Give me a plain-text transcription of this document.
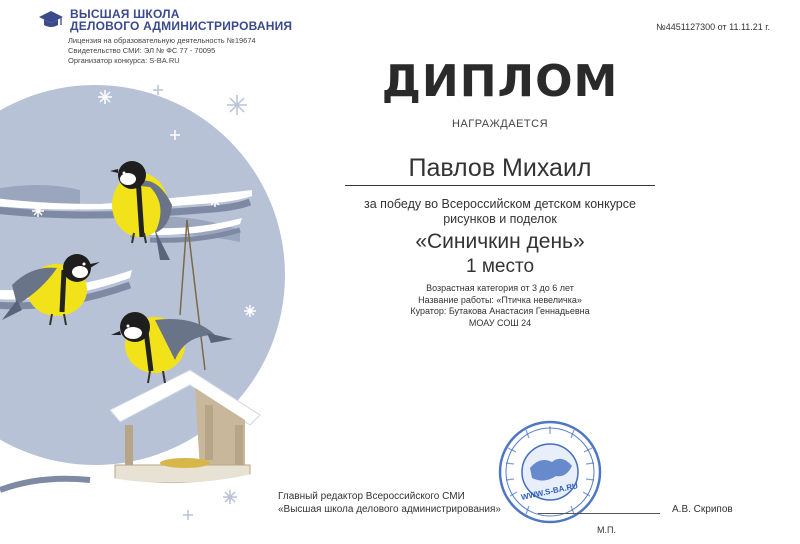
ВЫСШАЯ ШКОЛА
ДЕЛОВОГО АДМИНИСТРИРОВАНИЯ
Лицензия на образовательную деятельность №19674
Свидетельство СМИ: ЭЛ № ФС 77 - 70095
Организатор конкурса: S-BA.RU
№4451127300 от 11.11.21 г.
ДИПЛОМ
НАГРАЖДАЕТСЯ
Павлов Михаил
за победу во Всероссийском детском конкурсе
рисунков и поделок
«Синичкин день»
1 место
Возрастная категория от 3 до 6 лет
Название работы: «Птичка невеличка»
Куратор: Бутакова Анастасия Геннадьевна
МОАУ СОШ 24
WWW.S-BA.RU
Главный редактор Всероссийского СМИ
«Высшая школа делового администрирования»	А.В. Скрипов
М.П.
